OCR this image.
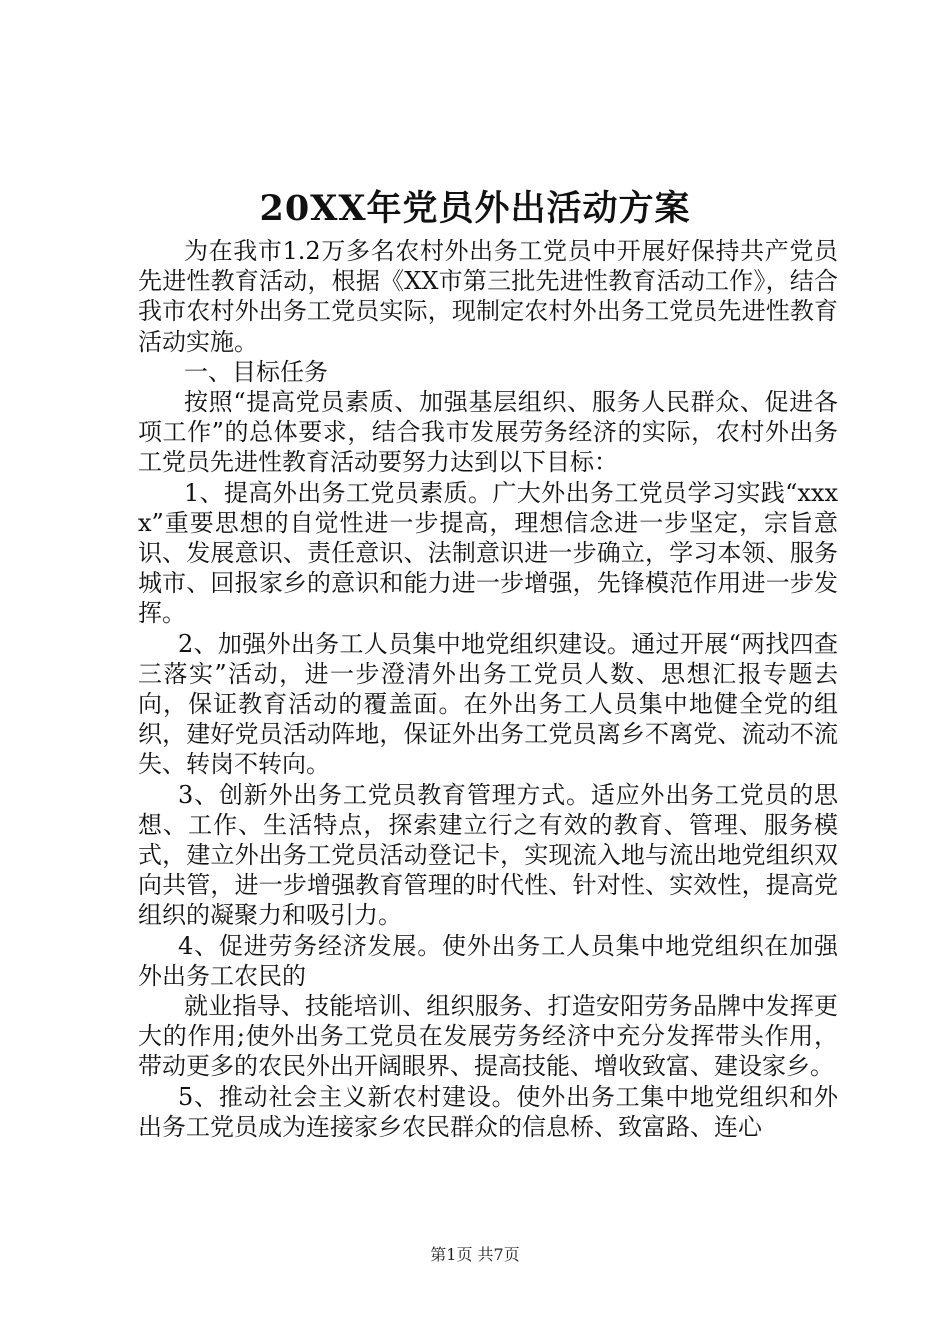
20XX年党员外出活动方案

为在我市1.2万多名农村外出务工党员中开展好保持共产党员先进性教育活动，根据《XX市第三批先进性教育活动工作》，结合我市农村外出务工党员实际，现制定农村外出务工党员先进性教育活动实施。

一、目标任务

按照“提高党员素质、加强基层组织、服务人民群众、促进各项工作”的总体要求，结合我市发展劳务经济的实际，农村外出务工党员先进性教育活动要努力达到以下目标：

1、提高外出务工党员素质。广大外出务工党员学习实践“xxxx”重要思想的自觉性进一步提高，理想信念进一步坚定，宗旨意识、发展意识、责任意识、法制意识进一步确立，学习本领、服务城市、回报家乡的意识和能力进一步增强，先锋模范作用进一步发挥。

2、加强外出务工人员集中地党组织建设。通过开展“两找四查三落实”活动，进一步澄清外出务工党员人数、思想汇报专题去向，保证教育活动的覆盖面。在外出务工人员集中地健全党的组织，建好党员活动阵地，保证外出务工党员离乡不离党、流动不流失、转岗不转向。

3、创新外出务工党员教育管理方式。适应外出务工党员的思想、工作、生活特点，探索建立行之有效的教育、管理、服务模式，建立外出务工党员活动登记卡，实现流入地与流出地党组织双向共管，进一步增强教育管理的时代性、针对性、实效性，提高党组织的凝聚力和吸引力。

4、促进劳务经济发展。使外出务工人员集中地党组织在加强外出务工农民的

就业指导、技能培训、组织服务、打造安阳劳务品牌中发挥更大的作用;使外出务工党员在发展劳务经济中充分发挥带头作用，带动更多的农民外出开阔眼界、提高技能、增收致富、建设家乡。

5、推动社会主义新农村建设。使外出务工集中地党组织和外出务工党员成为连接家乡农民群众的信息桥、致富路、连心

第1页 共7页
